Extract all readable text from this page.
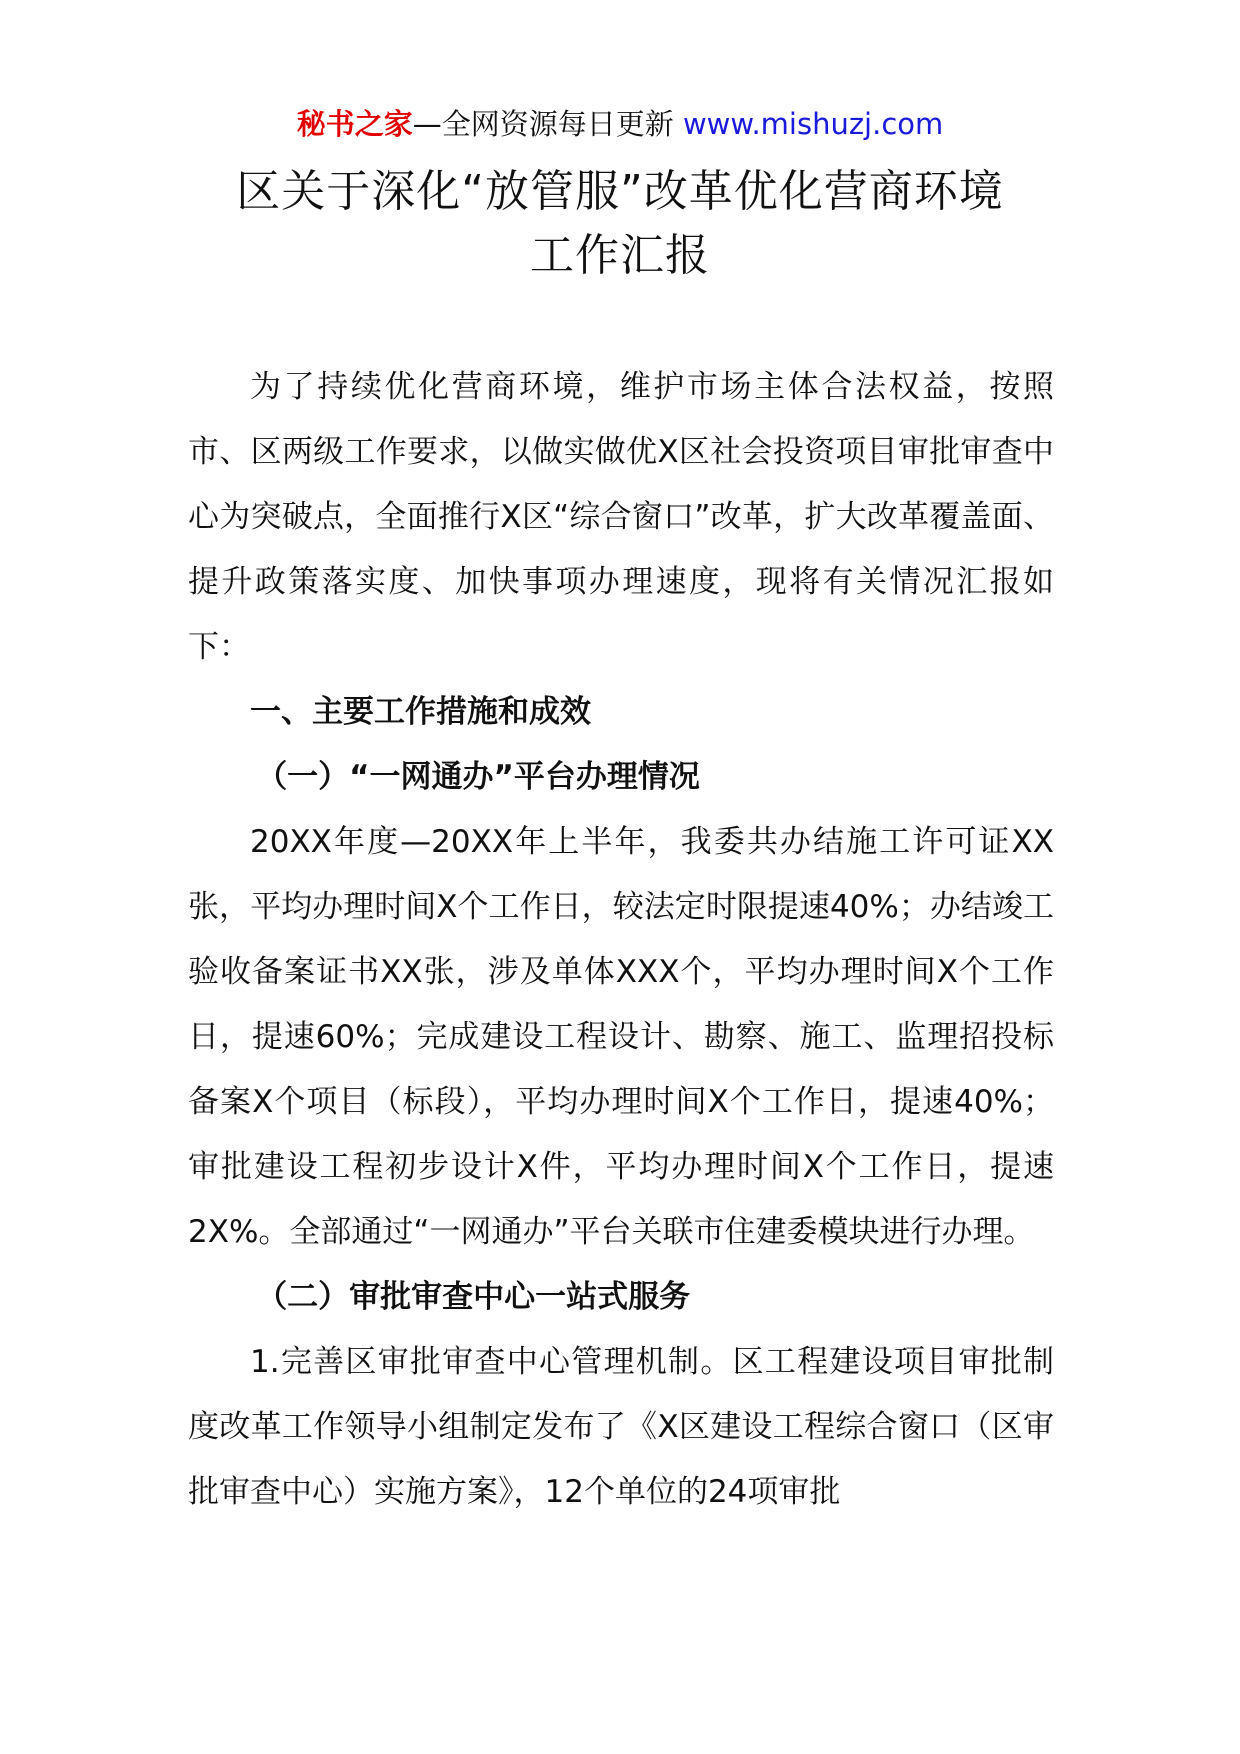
秘书之家—全网资源每日更新 www.mishuzj.com
区关于深化“放管服”改革优化营商环境
工作汇报

为了持续优化营商环境，维护市场主体合法权益，按照市、区两级工作要求，以做实做优X区社会投资项目审批审查中心为突破点，全面推行X区“综合窗口”改革，扩大改革覆盖面、提升政策落实度、加快事项办理速度，现将有关情况汇报如下：

一、主要工作措施和成效
（一）“一网通办”平台办理情况

20XX年度—20XX年上半年，我委共办结施工许可证XX张，平均办理时间X个工作日，较法定时限提速40%；办结竣工验收备案证书XX张，涉及单体XXX个，平均办理时间X个工作日，提速60%；完成建设工程设计、勘察、施工、监理招投标备案X个项目（标段），平均办理时间X个工作日，提速40%；审批建设工程初步设计X件，平均办理时间X个工作日，提速2X%。全部通过“一网通办”平台关联市住建委模块进行办理。

（二）审批审查中心一站式服务

1.完善区审批审查中心管理机制。区工程建设项目审批制度改革工作领导小组制定发布了《X区建设工程综合窗口（区审批审查中心）实施方案》，12个单位的24项审批
